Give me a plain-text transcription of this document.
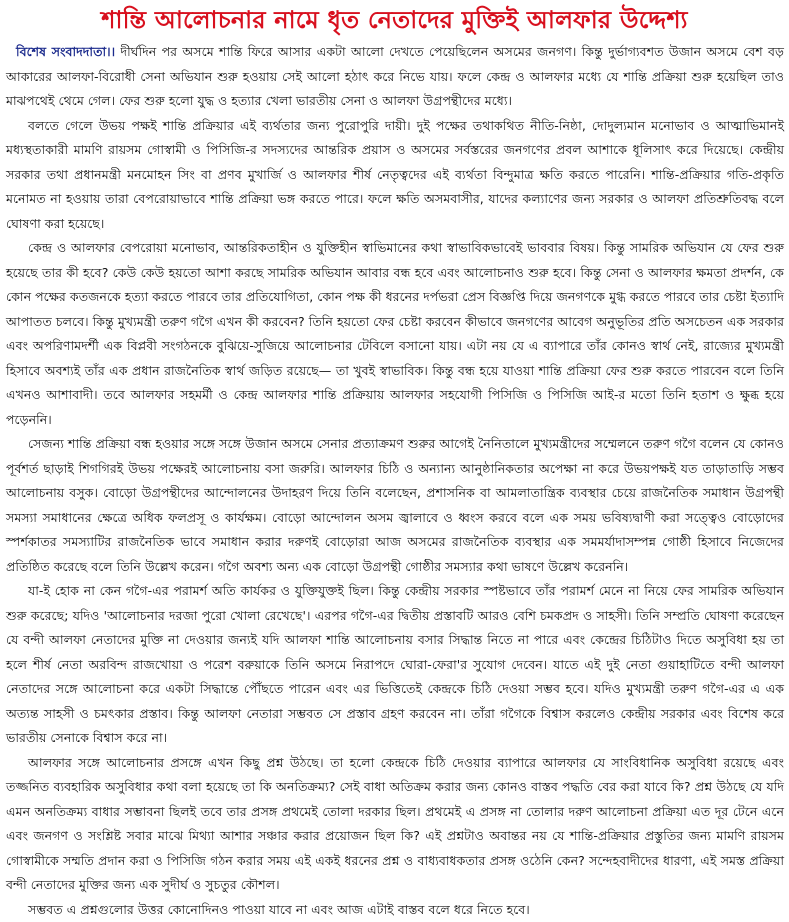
শান্তি আলোচনার নামে ধৃত নেতাদের মুক্তিই আলফার উদ্দেশ্য

বিশেষ সংবাদদাতা।। দীর্ঘদিন পর অসমে শান্তি ফিরে আসার একটা আলো দেখতে পেয়েছিলেন অসমের জনগণ। কিন্তু দুর্ভাগ্যবশত উজান অসমে বেশ বড় আকারের আলফা-বিরোধী সেনা অভিযান শুরু হওয়ায় সেই আলো হঠাৎ করে নিভে যায়। ফলে কেন্দ্র ও আলফার মধ্যে যে শান্তি প্রক্রিয়া শুরু হয়েছিল তাও মাঝপথেই থেমে গেল। ফের শুরু হলো যুদ্ধ ও হত্যার খেলা ভারতীয় সেনা ও আলফা উগ্রপন্থীদের মধ্যে।

বলতে গেলে উভয় পক্ষই শান্তি প্রক্রিয়ার এই ব্যর্থতার জন্য পুরোপুরি দায়ী। দুই পক্ষের তথাকথিত নীতি-নিষ্ঠা, দোদুল্যমান মনোভাব ও আত্মাভিমানই মধ্যস্থতাকারী মামণি রায়সম গোস্বামী ও পিসিজি-র সদস্যদের আন্তরিক প্রয়াস ও অসমের সর্বস্তরের জনগণের প্রবল আশাকে ধূলিসাৎ করে দিয়েছে। কেন্দ্রীয় সরকার তথা প্রধানমন্ত্রী মনমোহন সিং বা প্রণব মুখার্জি ও আলফার শীর্ষ নেতৃত্বদের এই ব্যর্থতা বিন্দুমাত্র ক্ষতি করতে পারেনি। শান্তি-প্রক্রিয়ার গতি-প্রকৃতি মনোমত না হওয়ায় তারা বেপরোয়াভাবে শান্তি প্রক্রিয়া ভঙ্গ করতে পারে। ফলে ক্ষতি অসমবাসীর, যাদের কল্যাণের জন্য সরকার ও আলফা প্রতিশ্রুতিবদ্ধ বলে ঘোষণা করা হয়েছে।

কেন্দ্র ও আলফার বেপরোয়া মনোভাব, আন্তরিকতাহীন ও যুক্তিহীন স্বাভিমানের কথা স্বাভাবিকভাবেই ভাববার বিষয়। কিন্তু সামরিক অভিযান যে ফের শুরু হয়েছে তার কী হবে? কেউ কেউ হয়তো আশা করছে সামরিক অভিযান আবার বন্ধ হবে এবং আলোচনাও শুরু হবে। কিন্তু সেনা ও আলফার ক্ষমতা প্রদর্শন, কে কোন পক্ষের কতজনকে হত্যা করতে পারবে তার প্রতিযোগিতা, কোন পক্ষ কী ধরনের দর্পভরা প্রেস বিজ্ঞপ্তি দিয়ে জনগণকে মুগ্ধ করতে পারবে তার চেষ্টা ইত্যাদি আপাতত চলবে। কিন্তু মুখ্যমন্ত্রী তরুণ গগৈ এখন কী করবেন? তিনি হয়তো ফের চেষ্টা করবেন কীভাবে জনগণের আবেগ অনুভূতির প্রতি অসচেতন এক সরকার এবং অপরিণামদর্শী এক বিপ্লবী সংগঠনকে বুঝিয়ে-সুজিয়ে আলোচনার টেবিলে বসানো যায়। এটা নয় যে এ ব্যাপারে তাঁর কোনও স্বার্থ নেই, রাজ্যের মুখ্যমন্ত্রী হিসাবে অবশ্যই তাঁর এক প্রধান রাজনৈতিক স্বার্থ জড়িত রয়েছে— তা খুবই স্বাভাবিক। কিন্তু বন্ধ হয়ে যাওয়া শান্তি প্রক্রিয়া ফের শুরু করতে পারবেন বলে তিনি এখনও আশাবাদী। তবে আলফার সহমর্মী ও কেন্দ্র আলফার শান্তি প্রক্রিয়ায় আলফার সহযোগী পিসিজি ও পিসিজি আই-র মতো তিনি হতাশ ও ক্ষুব্ধ হয়ে পড়েননি।

সেজন্য শান্তি প্রক্রিয়া বন্ধ হওয়ার সঙ্গে সঙ্গে উজান অসমে সেনার প্রত্যাক্রমণ শুরুর আগেই নৈনিতালে মুখ্যমন্ত্রীদের সম্মেলনে তরুণ গগৈ বলেন যে কোনও পূর্বশর্ত ছাড়াই শিগগিরই উভয় পক্ষেরই আলোচনায় বসা জরুরি। আলফার চিঠি ও অন্যান্য আনুষ্ঠানিকতার অপেক্ষা না করে উভয়পক্ষই যত তাড়াতাড়ি সম্ভব আলোচনায় বসুক। বোড়ো উগ্রপন্থীদের আন্দোলনের উদাহরণ দিয়ে তিনি বলেছেন, প্রশাসনিক বা আমলাতান্ত্রিক ব্যবস্থার চেয়ে রাজনৈতিক সমাধান উগ্রপন্থী সমস্যা সমাধানের ক্ষেত্রে অধিক ফলপ্রসূ ও কার্যক্ষম। বোড়ো আন্দোলন অসম জ্বালাবে ও ধ্বংস করবে বলে এক সময় ভবিষ্যদ্বাণী করা সত্ত্বেও বোড়োদের স্পর্শকাতর সমস্যাটির রাজনৈতিক ভাবে সমাধান করার দরুণই বোড়োরা আজ অসমের রাজনৈতিক ব্যবস্থার এক সমমর্যাদাসম্পন্ন গোষ্ঠী হিসাবে নিজেদের প্রতিষ্ঠিত করেছে বলে তিনি উল্লেখ করেন। গগৈ অবশ্য অন্য এক বোড়ো উগ্রপন্থী গোষ্ঠীর সমস্যার কথা ভাষণে উল্লেখ করেননি।

যা-ই হোক না কেন গগৈ-এর পরামর্শ অতি কার্যকর ও যুক্তিযুক্তই ছিল। কিন্তু কেন্দ্রীয় সরকার স্পষ্টভাবে তাঁর পরামর্শ মেনে না নিয়ে ফের সামরিক অভিযান শুরু করেছে; যদিও 'আলোচনার দরজা পুরো খোলা রেখেছে'। এরপর গগৈ-এর দ্বিতীয় প্রস্তাবটি আরও বেশি চমকপ্রদ ও সাহসী। তিনি সম্প্রতি ঘোষণা করেছেন যে বন্দী আলফা নেতাদের মুক্তি না দেওয়ার জন্যই যদি আলফা শান্তি আলোচনায় বসার সিদ্ধান্ত নিতে না পারে এবং কেন্দ্রের চিঠিটাও দিতে অসুবিধা হয় তা হলে শীর্ষ নেতা অরবিন্দ রাজখোয়া ও পরেশ বরুয়াকে তিনি অসমে নিরাপদে ঘোরা-ফেরা'র সুযোগ দেবেন। যাতে এই দুই নেতা গুয়াহাটিতে বন্দী আলফা নেতাদের সঙ্গে আলোচনা করে একটা সিদ্ধান্তে পৌঁছতে পারেন এবং এর ভিত্তিতেই কেন্দ্রকে চিঠি দেওয়া সম্ভব হবে। যদিও মুখ্যমন্ত্রী তরুণ গগৈ-এর এ এক অত্যন্ত সাহসী ও চমৎকার প্রস্তাব। কিন্তু আলফা নেতারা সম্ভবত সে প্রস্তাব গ্রহণ করবেন না। তাঁরা গগৈকে বিশ্বাস করলেও কেন্দ্রীয় সরকার এবং বিশেষ করে ভারতীয় সেনাকে বিশ্বাস করে না।

আলফার সঙ্গে আলোচনার প্রসঙ্গে এখন কিছু প্রশ্ন উঠছে। তা হলো কেন্দ্রকে চিঠি দেওয়ার ব্যাপারে আলফার যে সাংবিধানিক অসুবিধা রয়েছে এবং তজ্জনিত ব্যবহারিক অসুবিধার কথা বলা হয়েছে তা কি অনতিক্রম্য? সেই বাধা অতিক্রম করার জন্য কোনও বাস্তব পদ্ধতি বের করা যাবে কি? প্রশ্ন উঠছে যে যদি এমন অনতিক্রম্য বাধার সম্ভাবনা ছিলই তবে তার প্রসঙ্গ প্রথমেই তোলা দরকার ছিল। প্রথমেই এ প্রসঙ্গ না তোলার দরুণ আলোচনা প্রক্রিয়া এত দূর টেনে এনে এবং জনগণ ও সংশ্লিষ্ট সবার মাঝে মিথ্যা আশার সঞ্চার করার প্রয়োজন ছিল কি? এই প্রশ্নটাও অবান্তর নয় যে শান্তি-প্রক্রিয়ার প্রস্তুতির জন্য মামণি রায়সম গোস্বামীকে সম্মতি প্রদান করা ও পিসিজি গঠন করার সময় এই একই ধরনের প্রশ্ন ও বাধ্যবাধকতার প্রসঙ্গ ওঠেনি কেন? সন্দেহবাদীদের ধারণা, এই সমস্ত প্রক্রিয়া বন্দী নেতাদের মুক্তির জন্য এক সুদীর্ঘ ও সুচতুর কৌশল।

সম্ভবত এ প্রশ্নগুলোর উত্তর কোনোদিনও পাওয়া যাবে না এবং আজ এটাই বাস্তব বলে ধরে নিতে হবে।
